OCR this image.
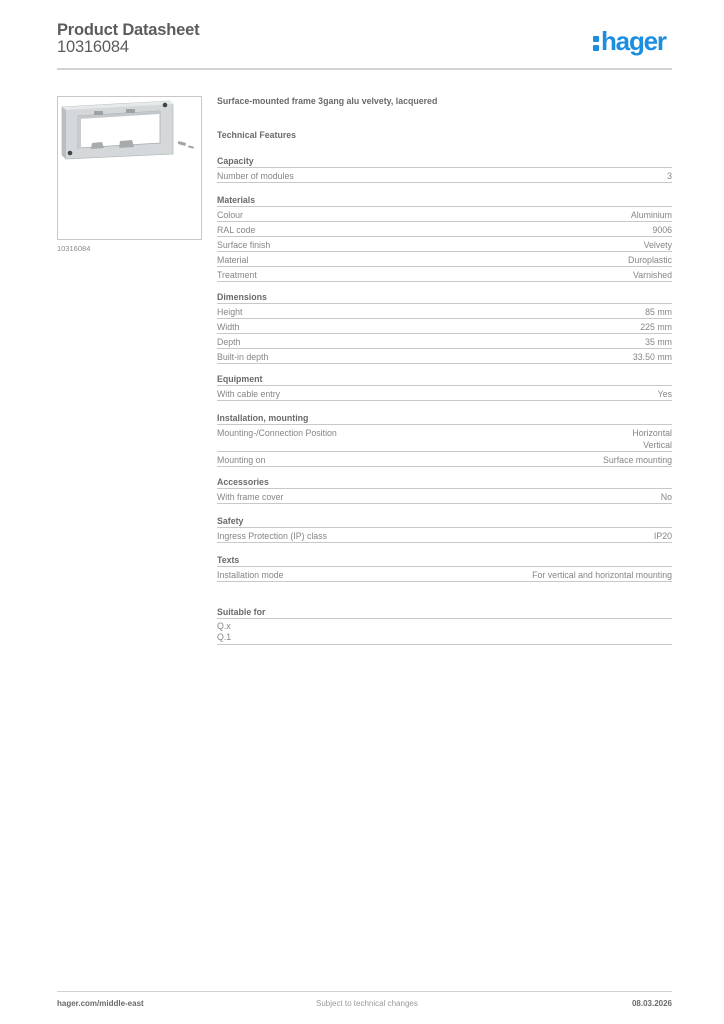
Product Datasheet
10316084	hager
10316084
Surface-mounted frame 3gang alu velvety, lacquered
Technical Features
Capacity
Number of modules	3
Materials
Colour	Aluminium
RAL code	9006
Surface finish	Velvety
Material	Duroplastic
Treatment	Varnished
Dimensions
Height	85 mm
Width	225 mm
Depth	35 mm
Built-in depth	33.50 mm
Equipment
With cable entry	Yes
Installation, mounting
Mounting-/Connection Position	Horizontal
Vertical
Mounting on	Surface mounting
Accessories
With frame cover	No
Safety
Ingress Protection (IP) class	IP20
Texts
Installation mode	For vertical and horizontal mounting
Suitable for
Q.x
Q.1
hager.com/middle-east	Subject to technical changes	08.03.2026
